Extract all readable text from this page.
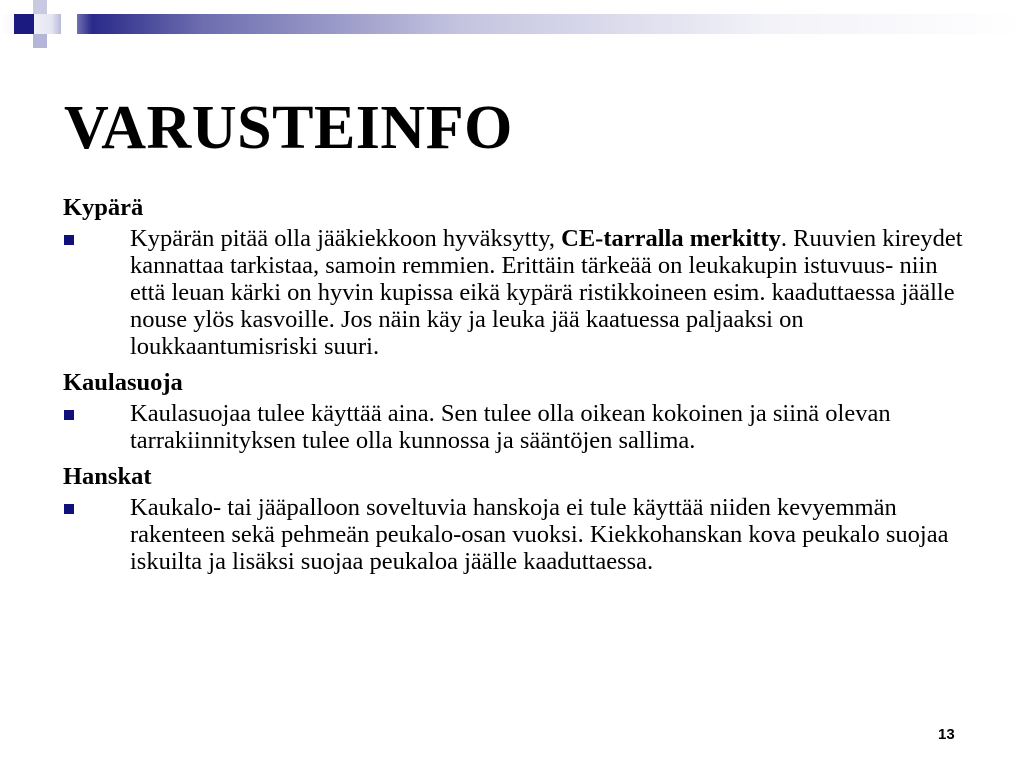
VARUSTEINFO
Kypärä
Kypärän pitää olla jääkiekkoon hyväksytty, CE-tarralla merkitty. Ruuvien kireydet kannattaa tarkistaa, samoin remmien. Erittäin tärkeää on leukakupin istuvuus- niin että leuan kärki on hyvin kupissa eikä kypärä ristikkoineen esim. kaaduttaessa jäälle nouse ylös kasvoille. Jos näin käy ja leuka jää kaatuessa paljaaksi on loukkaantumisriski suuri.
Kaulasuoja
Kaulasuojaa tulee käyttää aina. Sen tulee olla oikean kokoinen ja siinä olevan tarrakiinnityksen tulee olla kunnossa ja sääntöjen sallima.
Hanskat
Kaukalo- tai jääpalloon soveltuvia hanskoja ei tule käyttää niiden kevyemmän rakenteen sekä pehmeän peukalo-osan vuoksi. Kiekkohanskan kova peukalo suojaa iskuilta ja lisäksi suojaa peukaloa jäälle kaaduttaessa.
13
